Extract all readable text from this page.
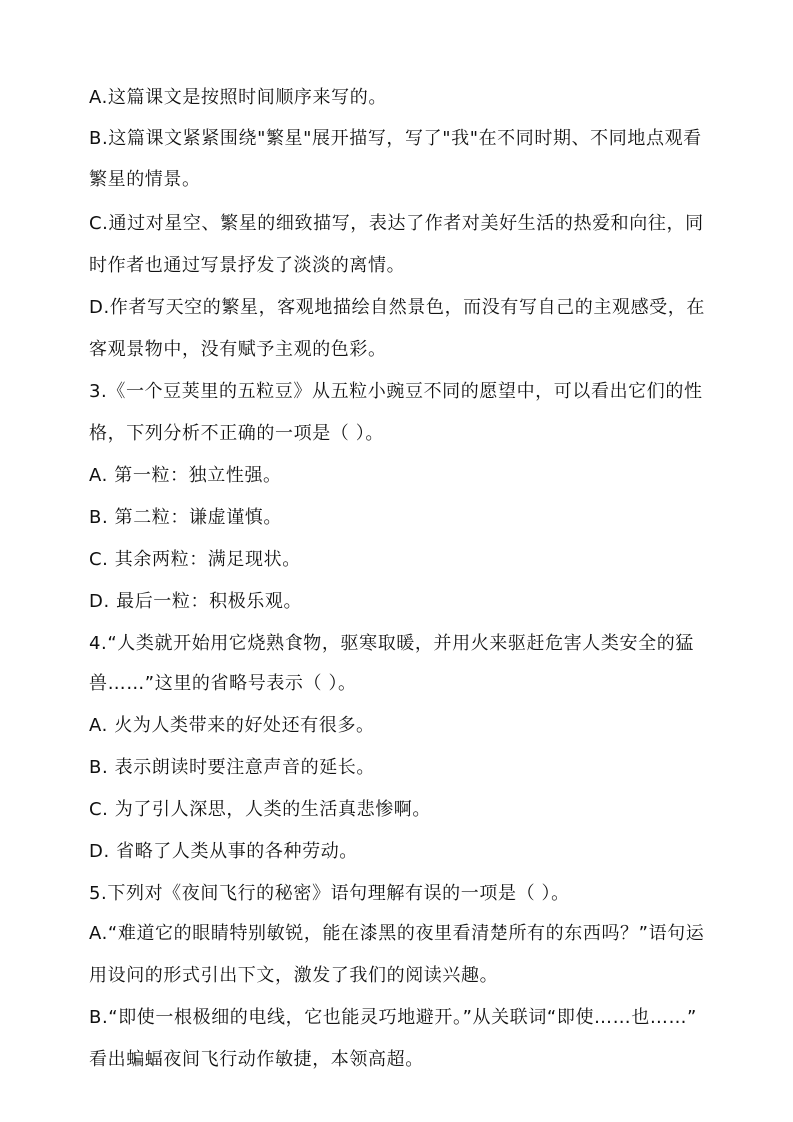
A.这篇课文是按照时间顺序来写的。
B.这篇课文紧紧围绕"繁星"展开描写，写了"我"在不同时期、不同地点观看
繁星的情景。
C.通过对星空、繁星的细致描写，表达了作者对美好生活的热爱和向往，同
时作者也通过写景抒发了淡淡的离情。
D.作者写天空的繁星，客观地描绘自然景色，而没有写自己的主观感受，在
客观景物中，没有赋予主观的色彩。
3.《一个豆荚里的五粒豆》从五粒小豌豆不同的愿望中，可以看出它们的性
格，下列分析不正确的一项是（ ）。
A. 第一粒：独立性强。
B. 第二粒：谦虚谨慎。
C. 其余两粒：满足现状。
D. 最后一粒：积极乐观。
4.“人类就开始用它烧熟食物，驱寒取暖，并用火来驱赶危害人类安全的猛
兽……”这里的省略号表示（ ）。
A. 火为人类带来的好处还有很多。
B. 表示朗读时要注意声音的延长。
C. 为了引人深思，人类的生活真悲惨啊。
D. 省略了人类从事的各种劳动。
5.下列对《夜间飞行的秘密》语句理解有误的一项是（ ）。
A.“难道它的眼睛特别敏锐，能在漆黑的夜里看清楚所有的东西吗？”语句运
用设问的形式引出下文，激发了我们的阅读兴趣。
B.“即使一根极细的电线，它也能灵巧地避开。”从关联词“即使……也……”
看出蝙蝠夜间飞行动作敏捷，本领高超。
